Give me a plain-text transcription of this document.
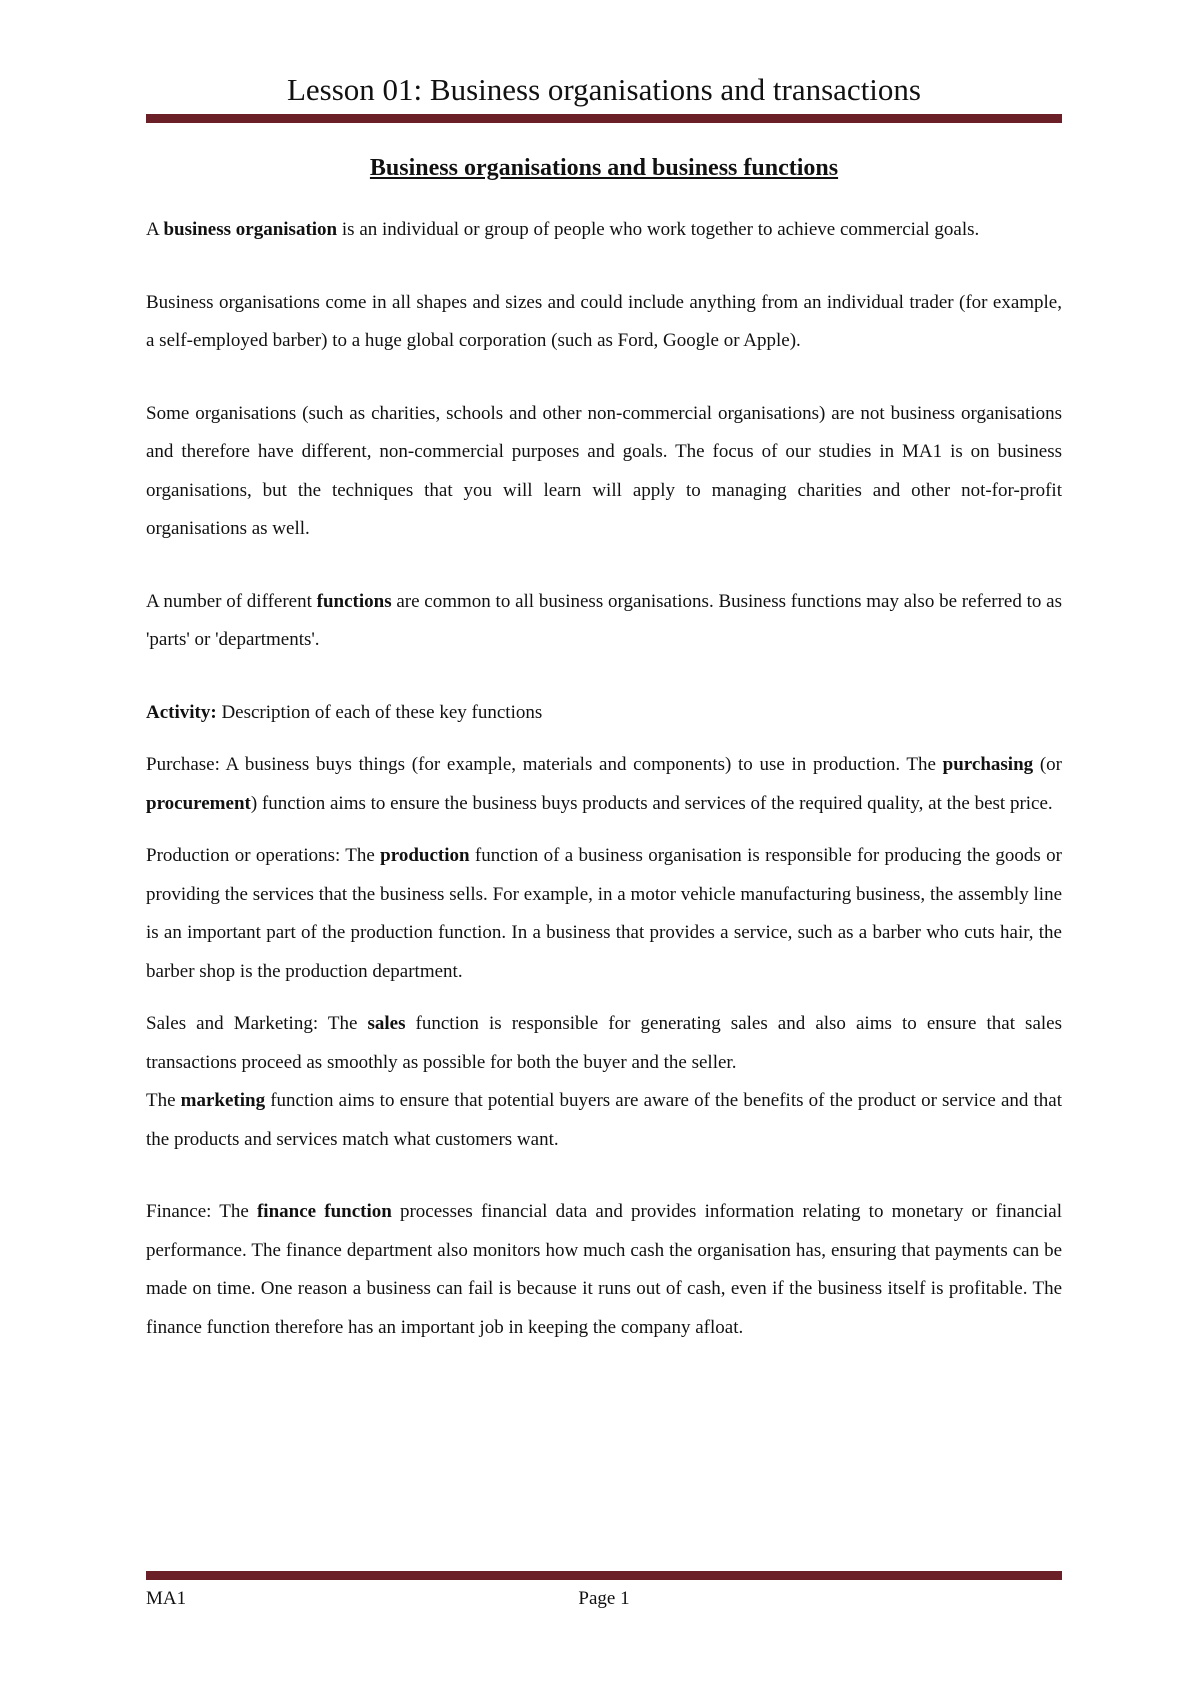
Lesson 01: Business organisations and transactions
Business organisations and business functions

A business organisation is an individual or group of people who work together to achieve commercial goals.

Business organisations come in all shapes and sizes and could include anything from an individual trader (for example, a self-employed barber) to a huge global corporation (such as Ford, Google or Apple).

Some organisations (such as charities, schools and other non-commercial organisations) are not business organisations and therefore have different, non-commercial purposes and goals. The focus of our studies in MA1 is on business organisations, but the techniques that you will learn will apply to managing charities and other not-for-profit organisations as well.

A number of different functions are common to all business organisations. Business functions may also be referred to as 'parts' or 'departments'.

Activity: Description of each of these key functions

Purchase: A business buys things (for example, materials and components) to use in production. The purchasing (or procurement) function aims to ensure the business buys products and services of the required quality, at the best price.

Production or operations: The production function of a business organisation is responsible for producing the goods or providing the services that the business sells. For example, in a motor vehicle manufacturing business, the assembly line is an important part of the production function. In a business that provides a service, such as a barber who cuts hair, the barber shop is the production department.

Sales and Marketing: The sales function is responsible for generating sales and also aims to ensure that sales transactions proceed as smoothly as possible for both the buyer and the seller.

The marketing function aims to ensure that potential buyers are aware of the benefits of the product or service and that the products and services match what customers want.

Finance: The finance function processes financial data and provides information relating to monetary or financial performance. The finance department also monitors how much cash the organisation has, ensuring that payments can be made on time. One reason a business can fail is because it runs out of cash, even if the business itself is profitable. The finance function therefore has an important job in keeping the company afloat.

MA1	Page 1
